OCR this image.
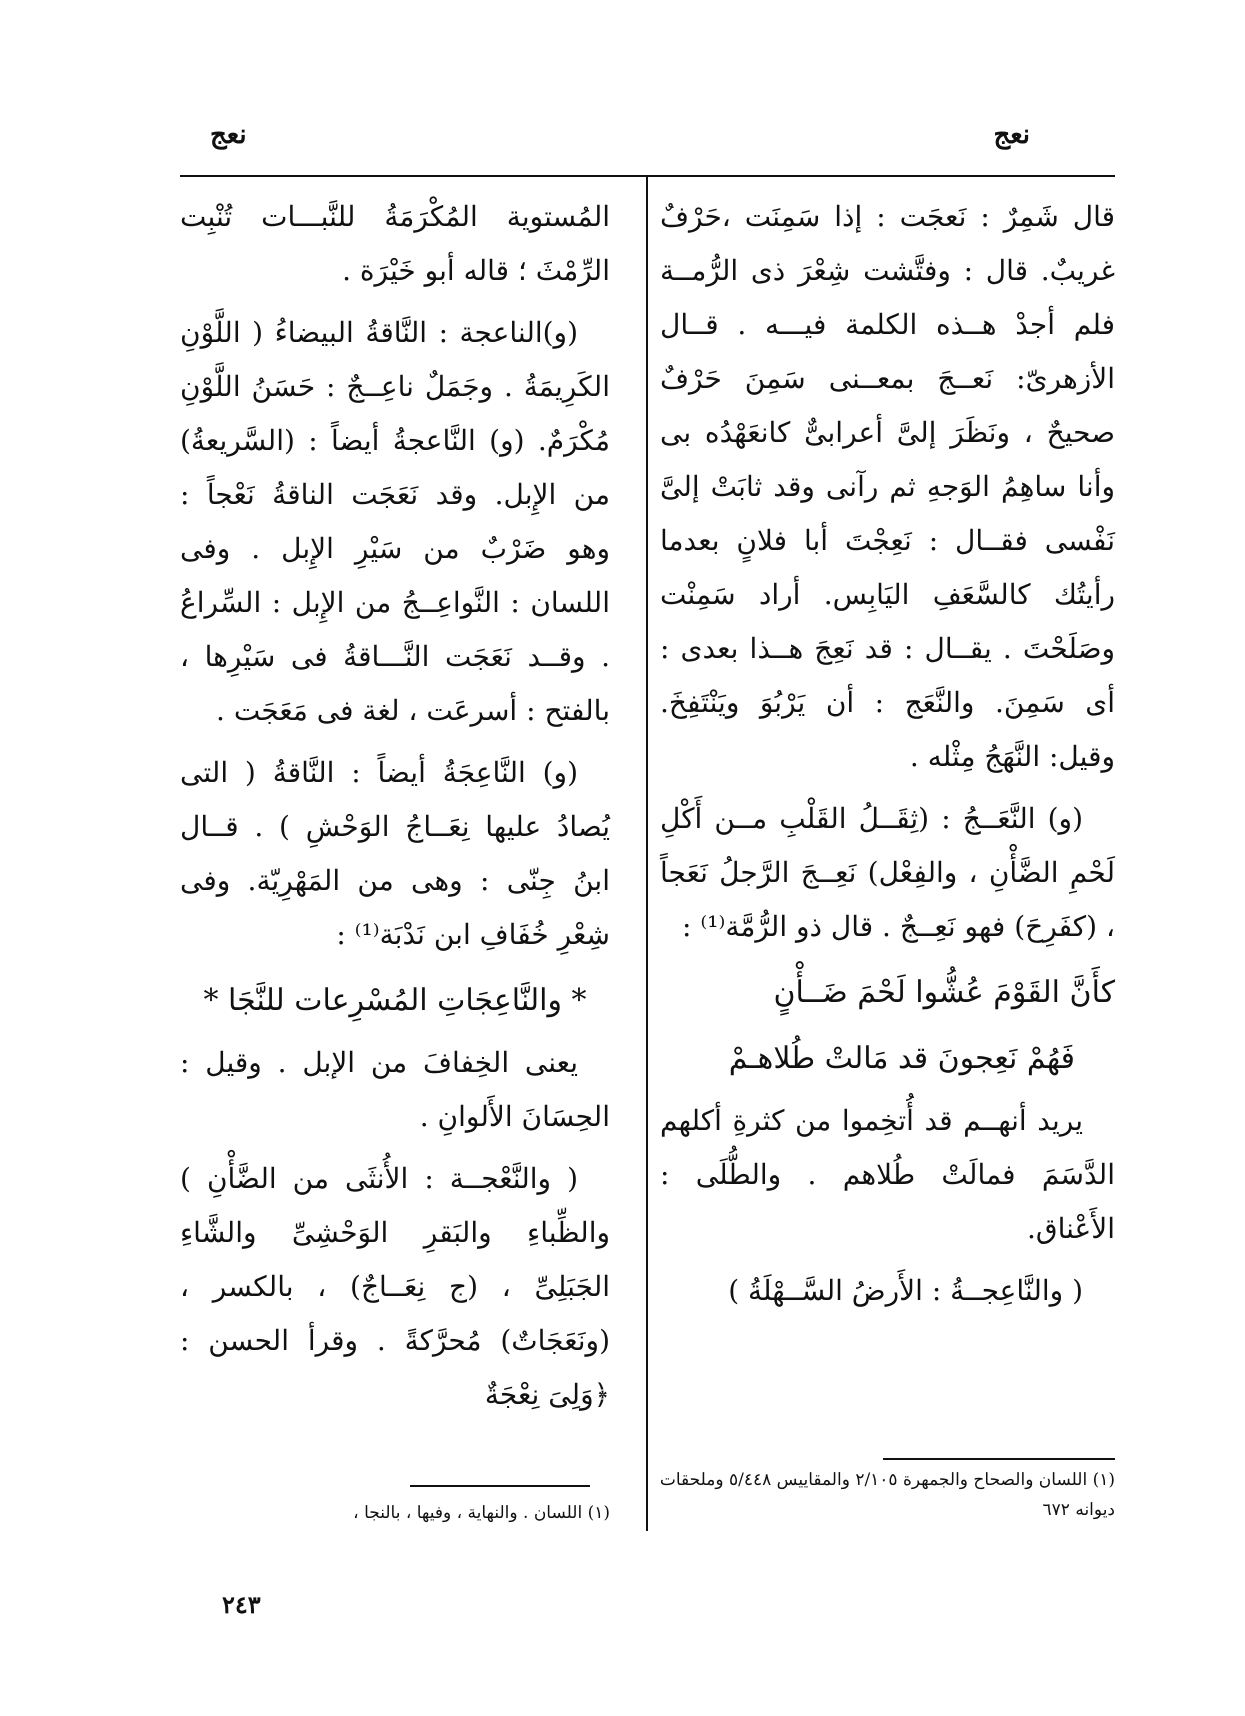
نعج
نعج

قال شَمِرٌ : نَعجَت : إذا سَمِنَت ،حَرْفٌ غريبٌ. قال : وفتَّشت شِعْرَ ذى الرُّمــة فلم أجدْ هــذه الكلمة فيـــه . قــال الأزهرىّ: نَعــجَ بمعــنى سَمِنَ حَرْفٌ صحيحٌ ، ونَظَرَ إلىَّ أعرابىٌّ كانعَهْدُه بى وأنا ساهِمُ الوَجهِ ثم رآنى وقد ثابَتْ إلىَّ نَفْسى فقــال : نَعِجْتَ أبا فلانٍ بعدما رأيتُك كالسَّعَفِ اليَابِس. أراد سَمِنْت وصَلَحْتَ . يقــال : قد نَعِجَ هــذا بعدى : أى سَمِنَ. والنَّعَج : أن يَرْبُوَ ويَنْتَفِخَ. وقيل: النَّهَجُ مِثْله .

(و) النَّعَــجُ : (ثِقَــلُ القَلْبِ مــن أَكْلِ لَحْمِ الضَّأْنِ ، والفِعْل) نَعِــجَ الرَّجلُ نَعَجاً ، (كفَرِحَ) فهو نَعِــجٌ . قال ذو الرُّمَّة⁽¹⁾ :

كأَنَّ القَوْمَ عُشُّوا لَحْمَ ضَــأْنٍ
فَهُمْ نَعِجونَ قد مَالتْ طُلاهـمْ

يريد أنهــم قد أُتخِموا من كثرةِ أكلهم الدَّسَمَ فمالَتْ طُلاهم . والطُّلَى : الأَعْناق.

( والنَّاعِجــةُ : الأَرضُ السَّــهْلَةُ )

المُستوية المُكْرَمَةُ للنَّبـــات تُنْبِت الرِّمْثَ ؛ قاله أبو خَيْرَة .

(و)الناعجة : النَّاقةُ البيضاءُ ( اللَّوْنِ الكَرِيمَةُ . وجَمَلٌ ناعِــجٌ : حَسَنُ اللَّوْنِ مُكْرَمٌ. (و) النَّاعجةُ أيضاً : (السَّريعةُ) من الإِبل. وقد نَعَجَت الناقةُ نَعْجاً : وهو ضَرْبٌ من سَيْرِ الإِبل . وفى اللسان : النَّواعِــجُ من الإِبل : السِّراعُ . وقــد نَعَجَت النَّـــاقةُ فى سَيْرِها ، بالفتح : أسرعَت ، لغة فى مَعَجَت .

(و) النَّاعِجَةُ أيضاً : النَّاقةُ ( التى يُصادُ عليها نِعَــاجُ الوَحْشِ ) . قــال ابنُ جِنّى : وهى من المَهْرِيّة. وفى شِعْرِ خُفَافِ ابن نَدْبَة⁽¹⁾ :

* والنَّاعِجَاتِ المُسْرِعات للنَّجَا *

يعنى الخِفافَ من الإبل . وقيل : الحِسَانَ الأَلوانِ .

( والنَّعْجــة : الأُنثَى من الضَّأْنِ ) والظِّباءِ والبَقرِ الوَحْشِىِّ والشَّاءِ الجَبَلِىِّ ، (ج نِعَــاجٌ) ، بالكسر ، (ونَعَجَاتٌ) مُحرَّكةً . وقرأ الحسن : ﴿وَلِىَ نِعْجَةٌ

(١) اللسان والصحاح والجمهرة ٢/١٠٥ والمقاييس ٥/٤٤٨ وملحقات ديوانه ٦٧٢
(١) اللسان . والنهاية ، وفيها ، بالنجا ،
٢٤٣
